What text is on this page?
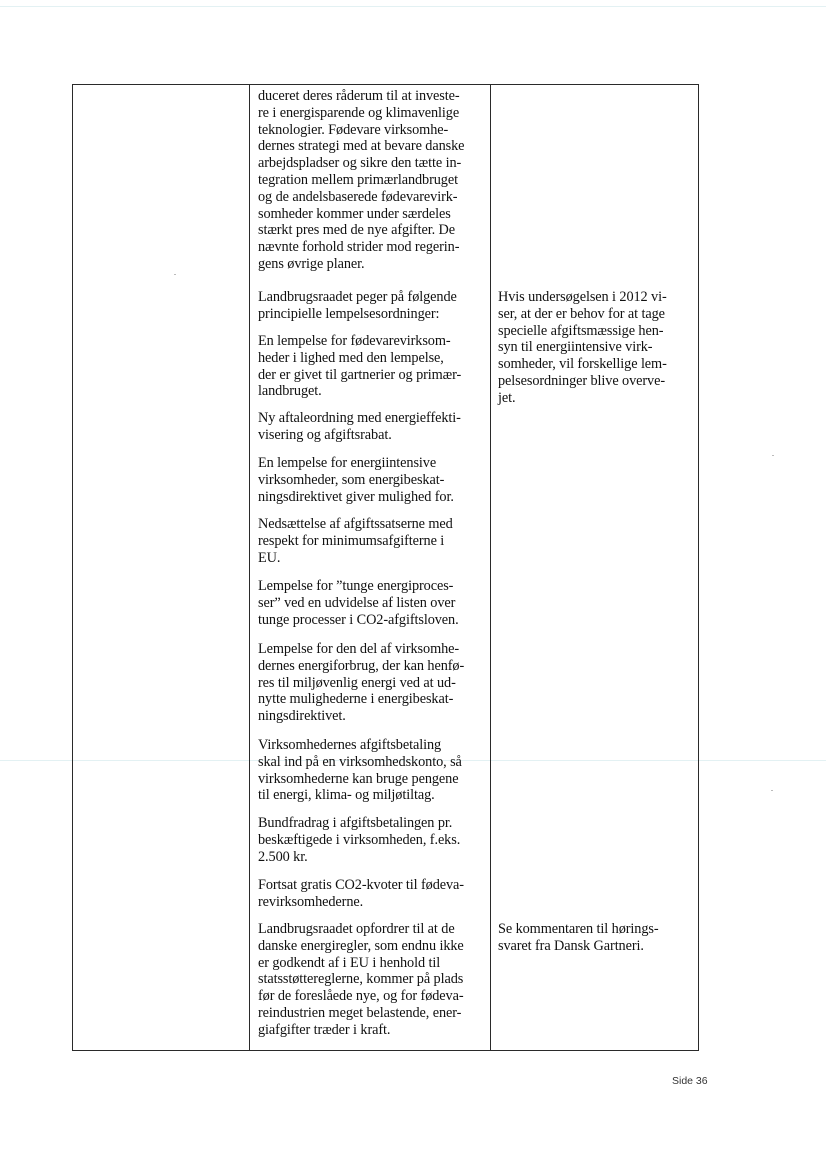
duceret deres råderum til at investe-
re i energisparende og klimavenlige
teknologier. Fødevare virksomhe-
dernes strategi med at bevare danske
arbejdspladser og sikre den tætte in-
tegration mellem primærlandbruget
og de andelsbaserede fødevarevirk-
somheder kommer under særdeles
stærkt pres med de nye afgifter. De
nævnte forhold strider mod regerin-
gens øvrige planer.

Landbrugsraadet peger på følgende
principielle lempelsesordninger:

En lempelse for fødevarevirksom-
heder i lighed med den lempelse,
der er givet til gartnerier og primær-
landbruget.

Ny aftaleordning med energieffekti-
visering og afgiftsrabat.

En lempelse for energiintensive
virksomheder, som energibeskat-
ningsdirektivet giver mulighed for.

Nedsættelse af afgiftssatserne med
respekt for minimumsafgifterne i
EU.

Lempelse for ”tunge energiproces-
ser” ved en udvidelse af listen over
tunge processer i CO2-afgiftsloven.

Lempelse for den del af virksomhe-
dernes energiforbrug, der kan henfø-
res til miljøvenlig energi ved at ud-
nytte mulighederne i energibeskat-
ningsdirektivet.

Virksomhedernes afgiftsbetaling
skal ind på en virksomhedskonto, så
virksomhederne kan bruge pengene
til energi, klima- og miljøtiltag.

Bundfradrag i afgiftsbetalingen pr.
beskæftigede i virksomheden, f.eks.
2.500 kr.

Fortsat gratis CO2-kvoter til fødeva-
revirksomhederne.

Landbrugsraadet opfordrer til at de
danske energiregler, som endnu ikke
er godkendt af i EU i henhold til
statsstøttereglerne, kommer på plads
før de foreslåede nye, og for fødeva-
reindustrien meget belastende, ener-
giafgifter træder i kraft.

Hvis undersøgelsen i 2012 vi-
ser, at der er behov for at tage
specielle afgiftsmæssige hen-
syn til energiintensive virk-
somheder, vil forskellige lem-
pelsesordninger blive overve-
jet.

Se kommentaren til hørings-
svaret fra Dansk Gartneri.

Side 36
